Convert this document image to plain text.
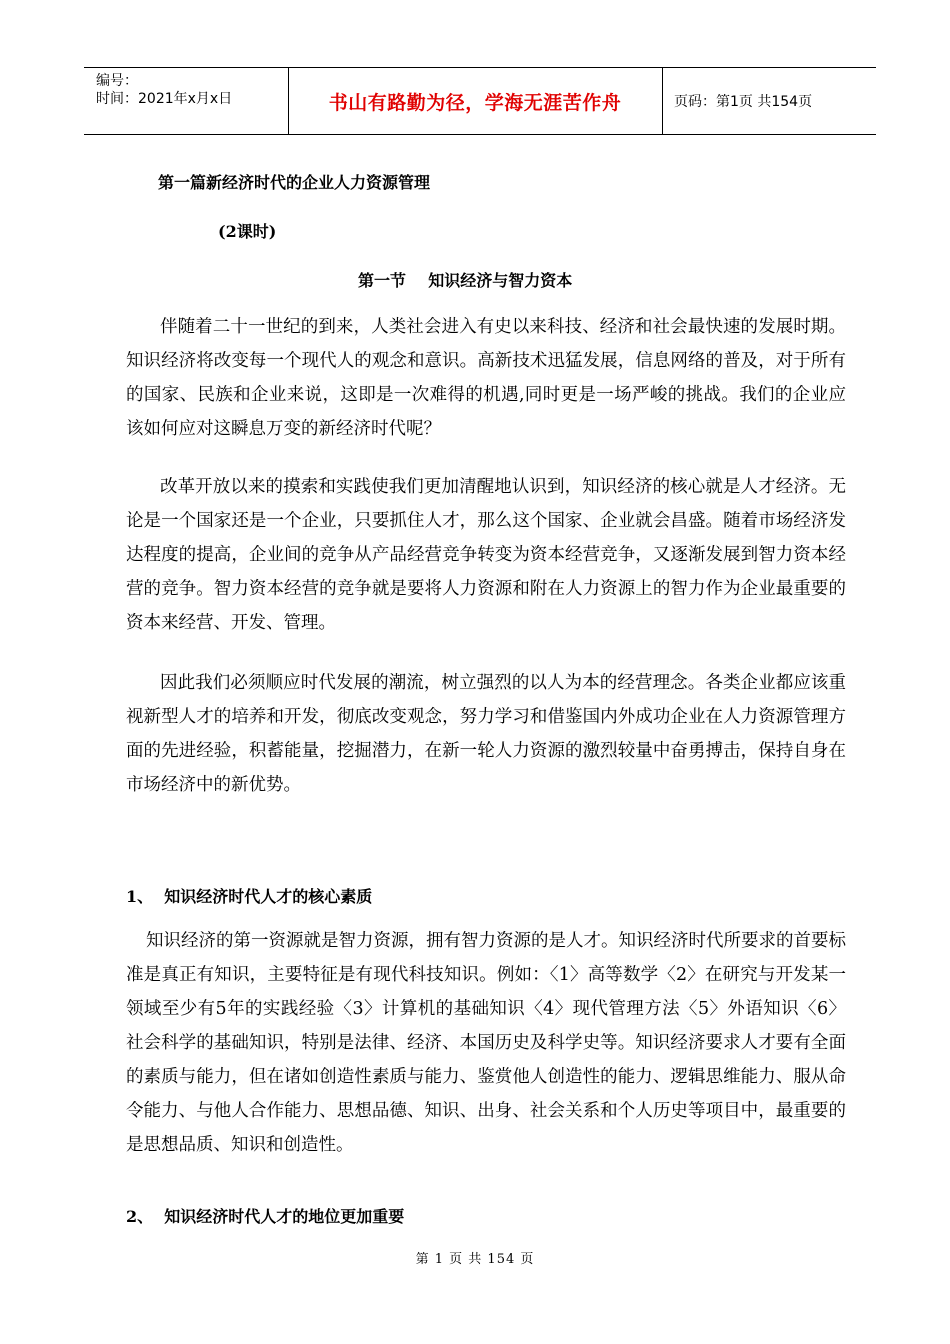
编号：
时间：2021年x月x日	书山有路勤为径，学海无涯苦作舟	页码：第1页 共154页
第一篇新经济时代的企业人力资源管理
(2课时)
第一节    知识经济与智力资本
伴随着二十一世纪的到来，人类社会进入有史以来科技、经济和社会最快速的发展时期。知识经济将改变每一个现代人的观念和意识。高新技术迅猛发展，信息网络的普及，对于所有的国家、民族和企业来说，这即是一次难得的机遇,同时更是一场严峻的挑战。我们的企业应该如何应对这瞬息万变的新经济时代呢？
改革开放以来的摸索和实践使我们更加清醒地认识到，知识经济的核心就是人才经济。无论是一个国家还是一个企业，只要抓住人才，那么这个国家、企业就会昌盛。随着市场经济发达程度的提高，企业间的竞争从产品经营竞争转变为资本经营竞争，又逐渐发展到智力资本经营的竞争。智力资本经营的竞争就是要将人力资源和附在人力资源上的智力作为企业最重要的资本来经营、开发、管理。
因此我们必须顺应时代发展的潮流，树立强烈的以人为本的经营理念。各类企业都应该重视新型人才的培养和开发，彻底改变观念，努力学习和借鉴国内外成功企业在人力资源管理方面的先进经验，积蓄能量，挖掘潜力，在新一轮人力资源的激烈较量中奋勇搏击，保持自身在市场经济中的新优势。
1、  知识经济时代人才的核心素质
知识经济的第一资源就是智力资源，拥有智力资源的是人才。知识经济时代所要求的首要标准是真正有知识，主要特征是有现代科技知识。例如：〈1〉高等数学〈2〉在研究与开发某一领域至少有5年的实践经验〈3〉计算机的基础知识〈4〉现代管理方法〈5〉外语知识〈6〉社会科学的基础知识，特别是法律、经济、本国历史及科学史等。知识经济要求人才要有全面的素质与能力，但在诸如创造性素质与能力、鉴赏他人创造性的能力、逻辑思维能力、服从命令能力、与他人合作能力、思想品德、知识、出身、社会关系和个人历史等项目中，最重要的是思想品质、知识和创造性。
2、  知识经济时代人才的地位更加重要
第 1 页 共 154 页
